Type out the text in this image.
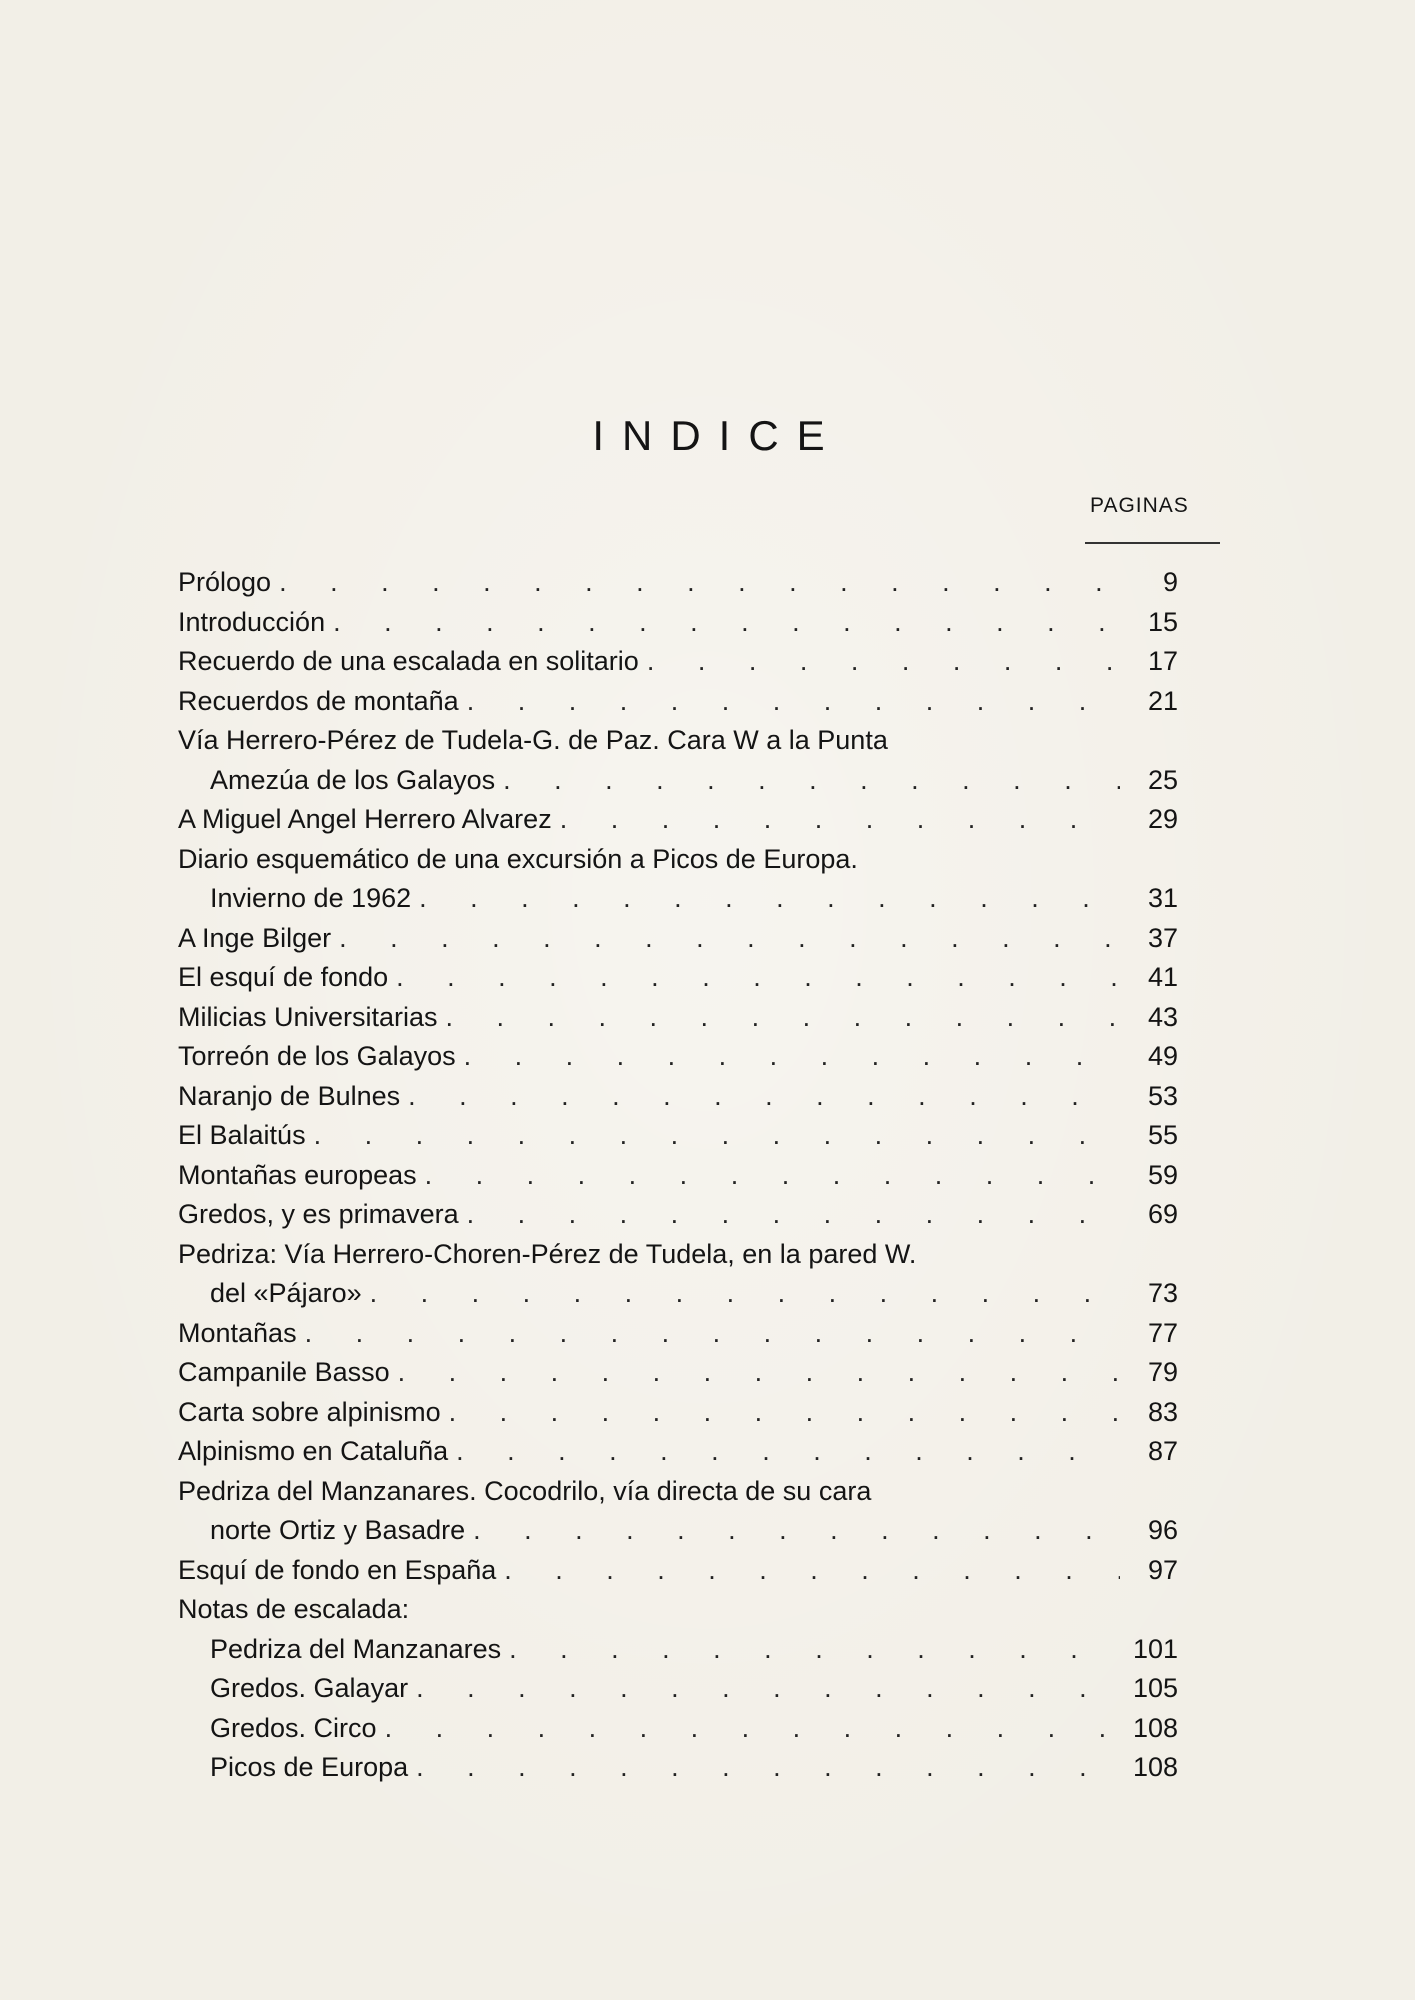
INDICE
PAGINAS
Prólogo . . .	9
Introducción . . .	15
Recuerdo de una escalada en solitario . . .	17
Recuerdos de montaña . . .	21
Vía Herrero-Pérez de Tudela-G. de Paz. Cara W a la Punta
Amezúa de los Galayos . . .	25
A Miguel Angel Herrero Alvarez . . .	29
Diario esquemático de una excursión a Picos de Europa.
Invierno de 1962 . . .	31
A Inge Bilger . . .	37
El esquí de fondo . . .	41
Milicias Universitarias . . .	43
Torreón de los Galayos . . .	49
Naranjo de Bulnes . . .	53
El Balaitús . . .	55
Montañas europeas . . .	59
Gredos, y es primavera . . .	69
Pedriza: Vía Herrero-Choren-Pérez de Tudela, en la pared W.
del «Pájaro» . . .	73
Montañas . . .	77
Campanile Basso . . .	79
Carta sobre alpinismo . . .	83
Alpinismo en Cataluña . . .	87
Pedriza del Manzanares. Cocodrilo, vía directa de su cara
norte Ortiz y Basadre . . .	96
Esquí de fondo en España . . .	97
Notas de escalada:
Pedriza del Manzanares . . .	101
Gredos. Galayar . . .	105
Gredos. Circo . . .	108
Picos de Europa . . .	108
